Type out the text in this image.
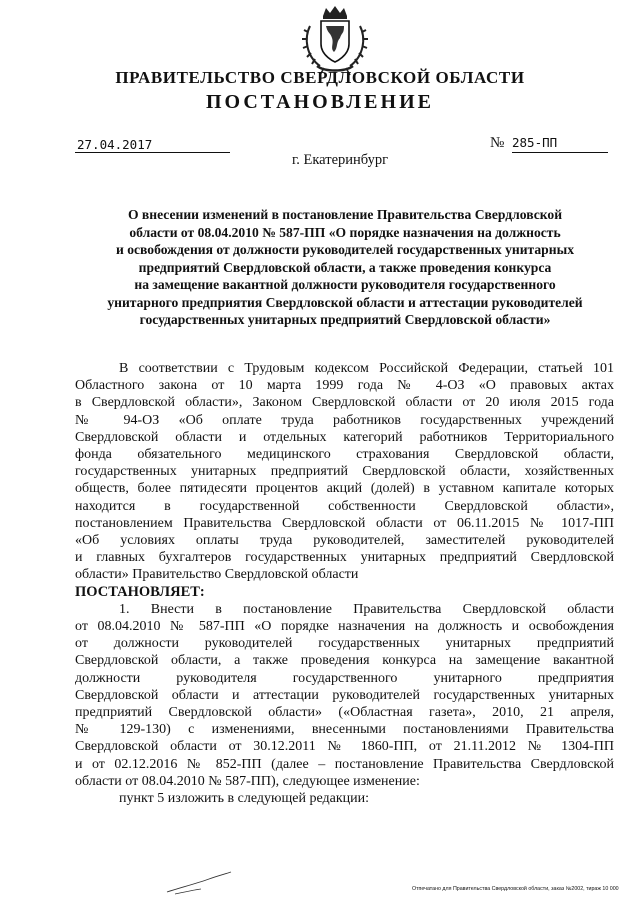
ПРАВИТЕЛЬСТВО СВЕРДЛОВСКОЙ ОБЛАСТИ
ПОСТАНОВЛЕНИЕ
27.04.2017	№ 285-ПП
г. Екатеринбург
О внесении изменений в постановление Правительства Свердловской
области от 08.04.2010 № 587-ПП «О порядке назначения на должность
и освобождения от должности руководителей государственных унитарных
предприятий Свердловской области, а также проведения конкурса
на замещение вакантной должности руководителя государственного
унитарного предприятия Свердловской области и аттестации руководителей
государственных унитарных предприятий Свердловской области»

В соответствии с Трудовым кодексом Российской Федерации, статьей 101

Областного закона от 10 марта 1999 года № 4-ОЗ «О правовых актах

в Свердловской области», Законом Свердловской области от 20 июля 2015 года

№ 94-ОЗ «Об оплате труда работников государственных учреждений

Свердловской области и отдельных категорий работников Территориального

фонда обязательного медицинского страхования Свердловской области,

государственных унитарных предприятий Свердловской области, хозяйственных

обществ, более пятидесяти процентов акций (долей) в уставном капитале которых

находится в государственной собственности Свердловской области»,

постановлением Правительства Свердловской области от 06.11.2015 № 1017-ПП

«Об условиях оплаты труда руководителей, заместителей руководителей

и главных бухгалтеров государственных унитарных предприятий Свердловской

области» Правительство Свердловской области

ПОСТАНОВЛЯЕТ:

1. Внести в постановление Правительства Свердловской области

от 08.04.2010 № 587-ПП «О порядке назначения на должность и освобождения

от должности руководителей государственных унитарных предприятий

Свердловской области, а также проведения конкурса на замещение вакантной

должности руководителя государственного унитарного предприятия

Свердловской области и аттестации руководителей государственных унитарных

предприятий Свердловской области» («Областная газета», 2010, 21 апреля,

№ 129-130) с изменениями, внесенными постановлениями Правительства

Свердловской области от 30.12.2011 № 1860-ПП, от 21.11.2012 № 1304-ПП

и от 02.12.2016 № 852-ПП (далее – постановление Правительства Свердловской

области от 08.04.2010 № 587-ПП), следующее изменение:

пункт 5 изложить в следующей редакции:

Отпечатано для Правительства Свердловской области, заказ №2002, тираж 10 000
